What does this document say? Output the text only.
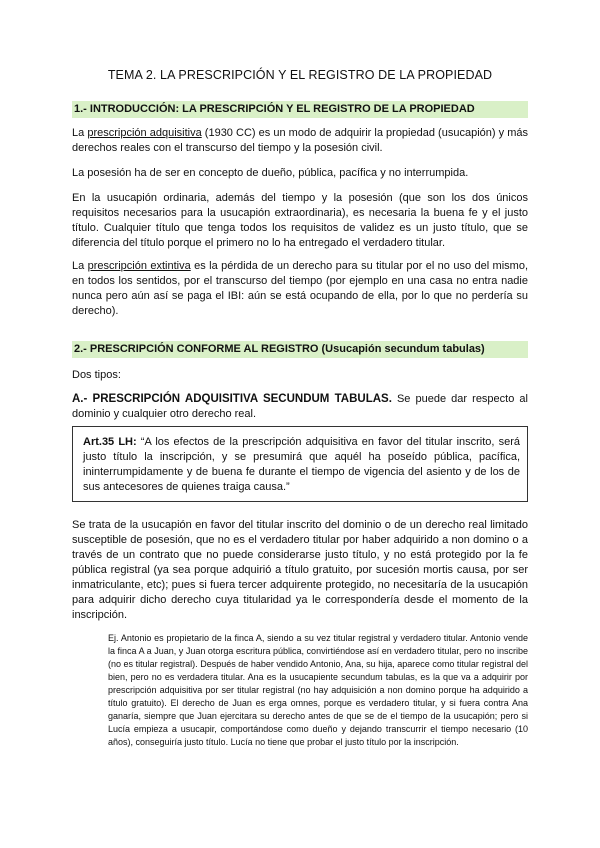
TEMA 2. LA PRESCRIPCIÓN Y EL REGISTRO DE LA PROPIEDAD
1.- INTRODUCCIÓN: LA PRESCRIPCIÓN Y EL REGISTRO DE LA PROPIEDAD

La prescripción adquisitiva (1930 CC) es un modo de adquirir la propiedad (usucapión) y más derechos reales con el transcurso del tiempo y la posesión civil.

La posesión ha de ser en concepto de dueño, pública, pacífica y no interrumpida.

En la usucapión ordinaria, además del tiempo y la posesión (que son los dos únicos requisitos necesarios para la usucapión extraordinaria), es necesaria la buena fe y el justo título. Cualquier título que tenga todos los requisitos de validez es un justo título, que se diferencia del título porque el primero no lo ha entregado el verdadero titular.

La prescripción extintiva es la pérdida de un derecho para su titular por el no uso del mismo, en todos los sentidos, por el transcurso del tiempo (por ejemplo en una casa no entra nadie nunca pero aún así se paga el IBI: aún se está ocupando de ella, por lo que no perdería su derecho).

2.- PRESCRIPCIÓN CONFORME AL REGISTRO (Usucapión secundum tabulas)

Dos tipos:

A.- PRESCRIPCIÓN ADQUISITIVA SECUNDUM TABULAS. Se puede dar respecto al dominio y cualquier otro derecho real.

Art.35 LH: “A los efectos de la prescripción adquisitiva en favor del titular inscrito, será justo título la inscripción, y se presumirá que aquél ha poseído pública, pacífica, ininterrumpidamente y de buena fe durante el tiempo de vigencia del asiento y de los de sus antecesores de quienes traiga causa.”

Se trata de la usucapión en favor del titular inscrito del dominio o de un derecho real limitado susceptible de posesión, que no es el verdadero titular por haber adquirido a non domino o a través de un contrato que no puede considerarse justo título, y no está protegido por la fe pública registral (ya sea porque adquirió a título gratuito, por sucesión mortis causa, por ser inmatriculante, etc); pues si fuera tercer adquirente protegido, no necesitaría de la usucapión para adquirir dicho derecho cuya titularidad ya le correspondería desde el momento de la inscripción.

Ej. Antonio es propietario de la finca A, siendo a su vez titular registral y verdadero titular. Antonio vende la finca A a Juan, y Juan otorga escritura pública, convirtiéndose así en verdadero titular, pero no inscribe (no es titular registral). Después de haber vendido Antonio, Ana, su hija, aparece como titular registral del bien, pero no es verdadera titular. Ana es la usucapiente secundum tabulas, es la que va a adquirir por prescripción adquisitiva por ser titular registral (no hay adquisición a non domino porque ha adquirido a título gratuito). El derecho de Juan es erga omnes, porque es verdadero titular, y si fuera contra Ana ganaría, siempre que Juan ejercitara su derecho antes de que se de el tiempo de la usucapión; pero si Lucía empieza a usucapir, comportándose como dueño y dejando transcurrir el tiempo necesario (10 años), conseguiría justo título. Lucía no tiene que probar el justo título por la inscripción.
